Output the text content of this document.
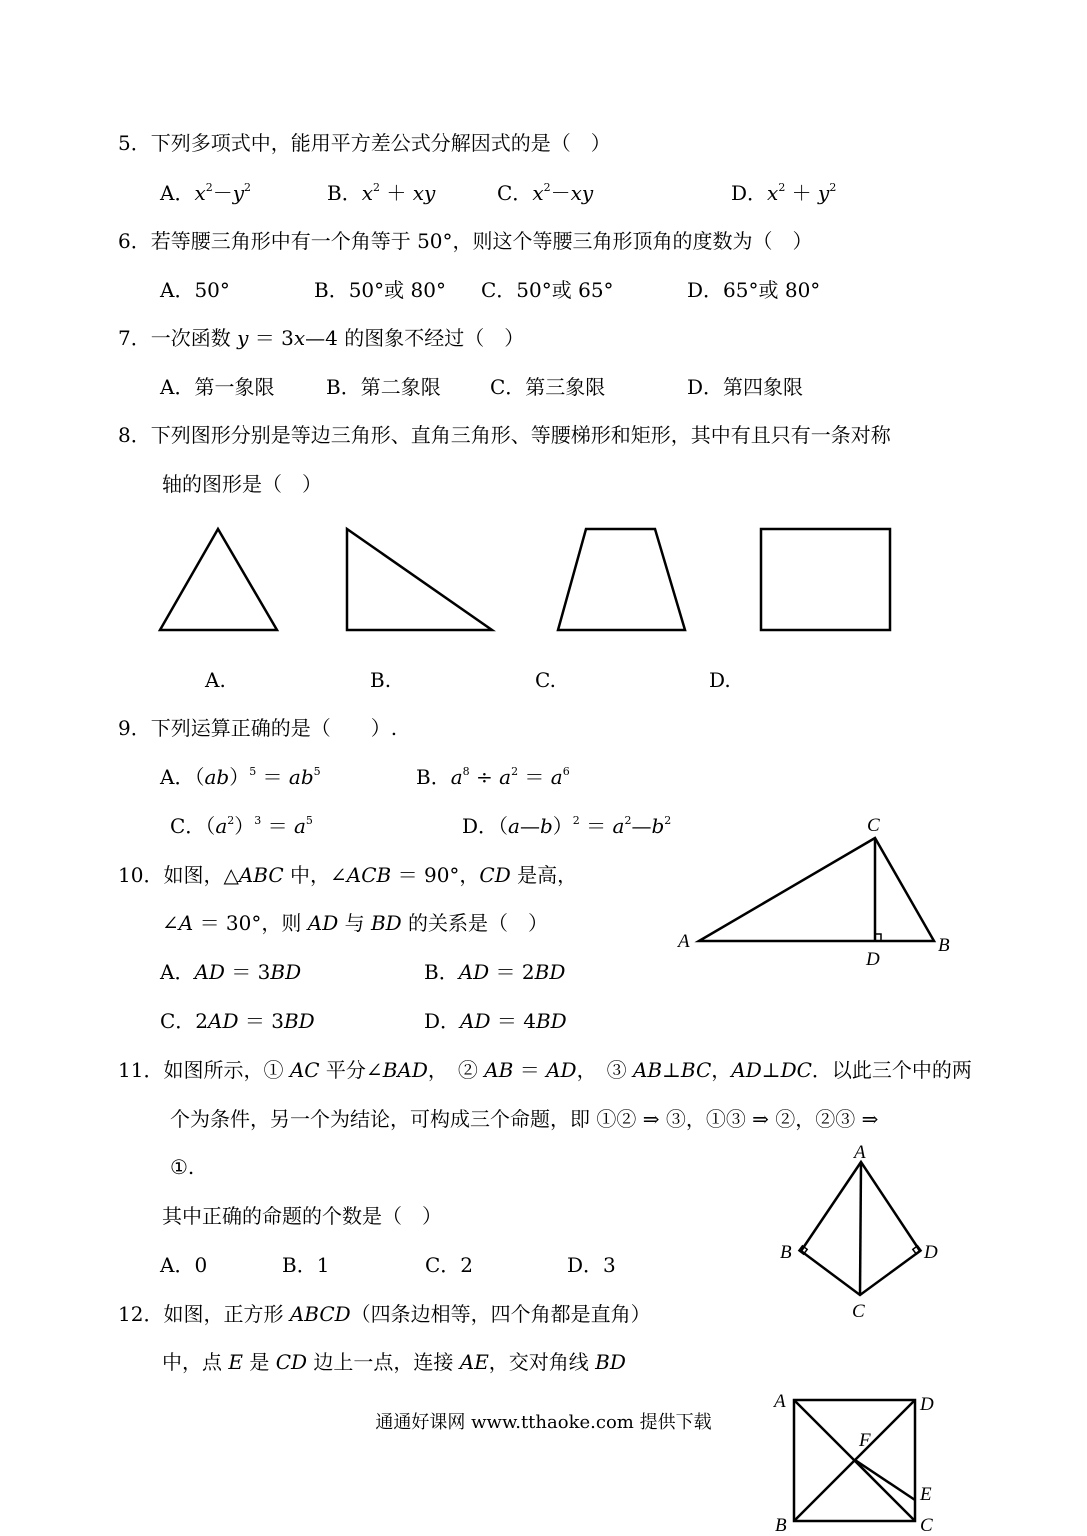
5．下列多项式中，能用平方差公式分解因式的是（　）
A．$x^2-y^2$	B．$x^2$ ＋ xy	C．$x^2-xy$	D．$x^2 + y^2$
6．若等腰三角形中有一个角等于 50°，则这个等腰三角形顶角的度数为（　）
A．50°	B．50°或 80° C．50°或 65°	D．65°或 80°
7．一次函数 y ＝ 3x—4 的图象不经过（　）
A．第一象限	B．第二象限 C．第三象限	D．第四象限
8．下列图形分别是等边三角形、直角三角形、等腰梯形和矩形，其中有且只有一条对称
轴的图形是（　）
A.	B.	C.	D.
9．下列运算正确的是（　　）.
A．$(ab)^5 = ab^5$	B．$a^8 \div a^2 = a^6$
C．$(a^2)^3 = a^5$	D．（a—b）$^2$ ＝ $a^2—b^2$
10．如图，△ABC 中，∠ACB ＝ 90°，CD 是高，
∠A ＝ 30°，则 AD 与 BD 的关系是（　）
A．AD ＝ 3BD	B．AD ＝ 2BD
C．2AD ＝ 3BD	D．AD ＝ 4BD
A
C
B
D
11．如图所示，① AC 平分∠BAD，　② AB ＝ AD，　③ AB⊥BC，AD⊥DC．以此三个中的两
个为条件，另一个为结论，可构成三个命题，即 ①② ⇒ ③，①③ ⇒ ②，②③ ⇒
①.
其中正确的命题的个数是（　）
A．0	B．1	C．2	D．3
A
B	D
C
12．如图，正方形 ABCD（四条边相等，四个角都是直角）
中，点 E 是 CD 边上一点，连接 AE，交对角线 BD
A	D
F
E
B	C
通通好课网 www.tthaoke.com 提供下载
